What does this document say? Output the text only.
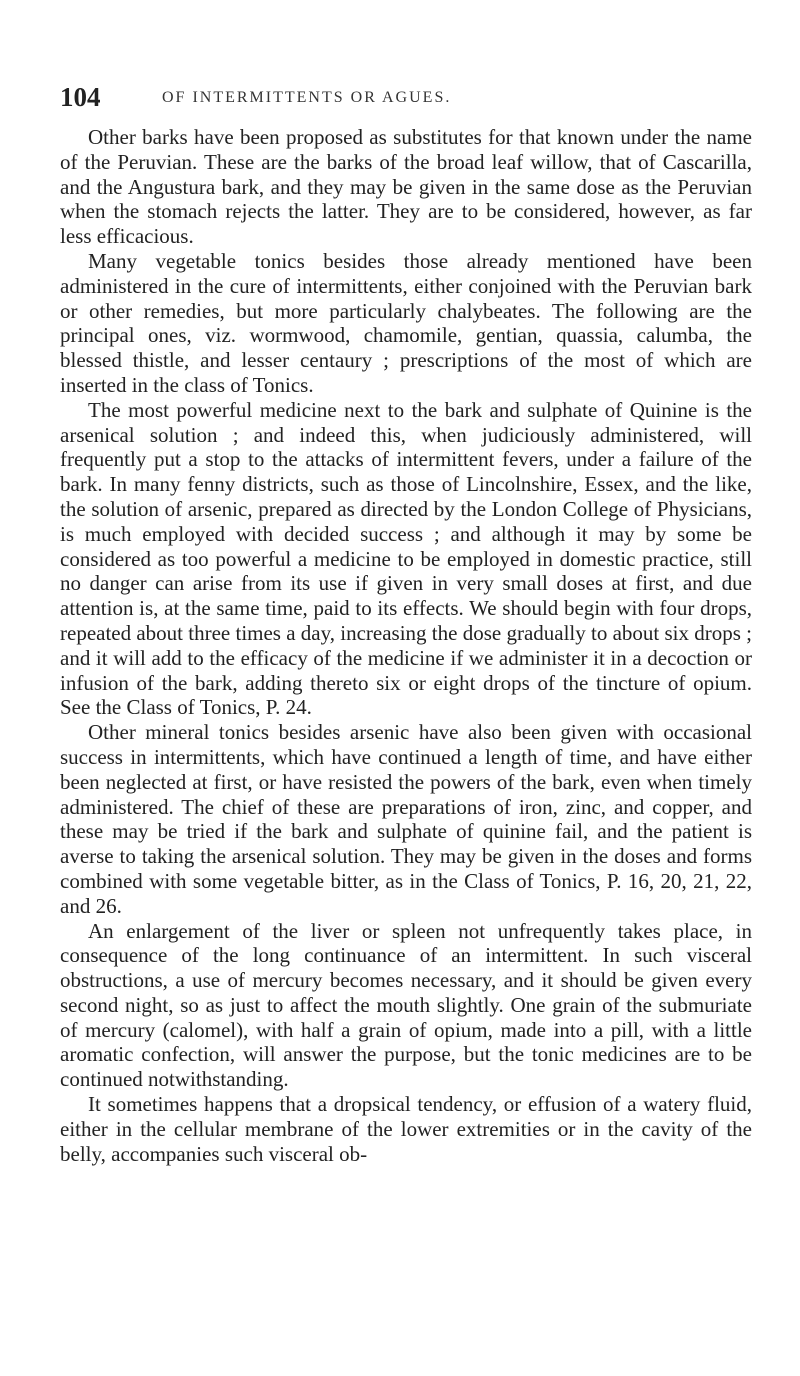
104	OF INTERMITTENTS OR AGUES.

Other barks have been proposed as substitutes for that known under the name of the Peruvian. These are the barks of the broad leaf willow, that of Cascarilla, and the Angustura bark, and they may be given in the same dose as the Peruvian when the stomach rejects the latter. They are to be considered, however, as far less efficacious.

Many vegetable tonics besides those already mentioned have been administered in the cure of intermittents, either conjoined with the Peruvian bark or other remedies, but more particularly chalybeates. The following are the principal ones, viz. wormwood, chamomile, gentian, quassia, calumba, the blessed thistle, and lesser centaury ; prescriptions of the most of which are inserted in the class of Tonics.

The most powerful medicine next to the bark and sulphate of Quinine is the arsenical solution ; and indeed this, when judiciously administered, will frequently put a stop to the attacks of intermittent fevers, under a failure of the bark. In many fenny districts, such as those of Lincolnshire, Essex, and the like, the solution of arsenic, prepared as directed by the London College of Physicians, is much employed with decided success ; and although it may by some be considered as too powerful a medicine to be employed in domestic practice, still no danger can arise from its use if given in very small doses at first, and due attention is, at the same time, paid to its effects. We should begin with four drops, repeated about three times a day, increasing the dose gradually to about six drops ; and it will add to the efficacy of the medicine if we administer it in a decoction or infusion of the bark, adding thereto six or eight drops of the tincture of opium. See the Class of Tonics, P. 24.

Other mineral tonics besides arsenic have also been given with occasional success in intermittents, which have continued a length of time, and have either been neglected at first, or have resisted the powers of the bark, even when timely administered. The chief of these are preparations of iron, zinc, and copper, and these may be tried if the bark and sulphate of quinine fail, and the patient is averse to taking the arsenical solution. They may be given in the doses and forms combined with some vegetable bitter, as in the Class of Tonics, P. 16, 20, 21, 22, and 26.

An enlargement of the liver or spleen not unfrequently takes place, in consequence of the long continuance of an intermittent. In such visceral obstructions, a use of mercury becomes necessary, and it should be given every second night, so as just to affect the mouth slightly. One grain of the submuriate of mercury (calomel), with half a grain of opium, made into a pill, with a little aromatic confection, will answer the purpose, but the tonic medicines are to be continued notwithstanding.

It sometimes happens that a dropsical tendency, or effusion of a watery fluid, either in the cellular membrane of the lower extremities or in the cavity of the belly, accompanies such visceral ob-
